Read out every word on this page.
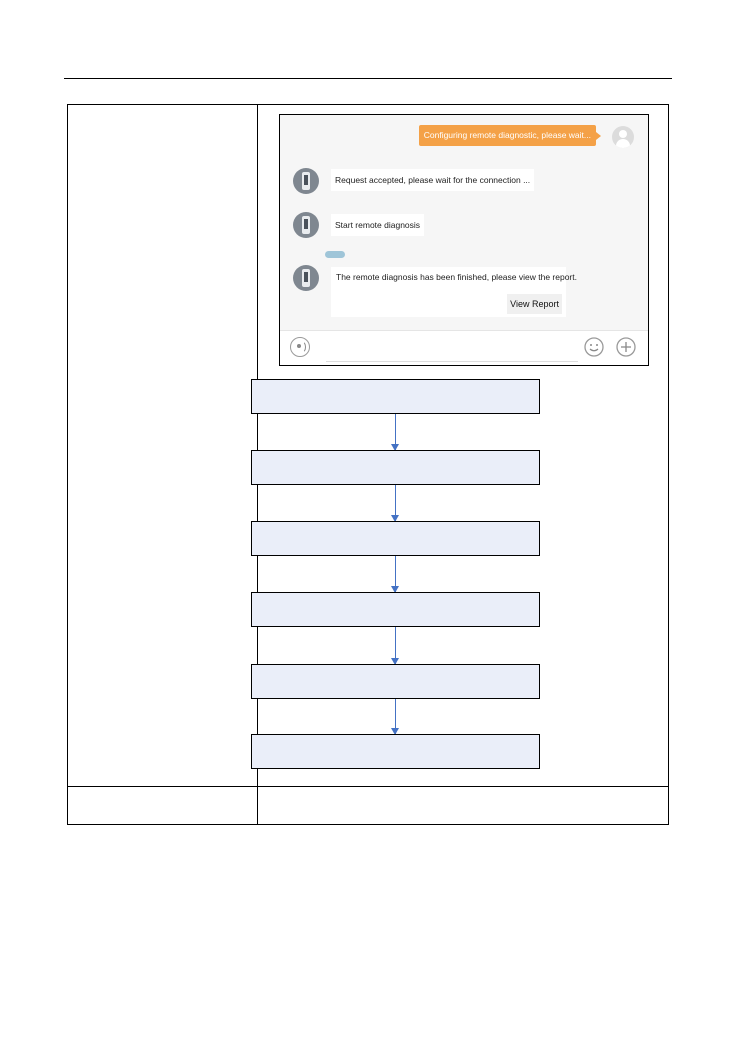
Configuring remote diagnostic, please wait...
Request accepted, please wait for the connection ...
Start remote diagnosis
The remote diagnosis has been finished, please view the report.
View Report
